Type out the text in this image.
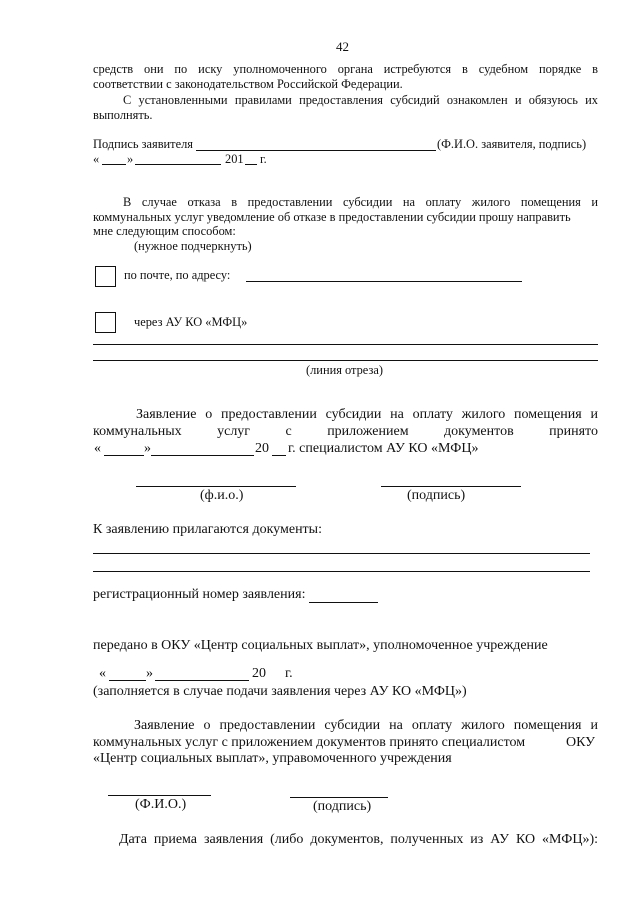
42
средств они по иску уполномоченного органа истребуются в судебном порядке в
соответствии с законодательством Российской Федерации.
С установленными правилами предоставления субсидий ознакомлен и обязуюсь их
выполнять.
Подпись заявителя	(Ф.И.О. заявителя, подпись)
« »	201 г.
В случае отказа в предоставлении субсидии на оплату жилого помещения и
коммунальных услуг уведомление об отказе в предоставлении субсидии прошу направить
мне следующим способом:
(нужное подчеркнуть)
по почте, по адресу:
через АУ КО «МФЦ»
(линия отреза)
Заявление о предоставлении субсидии на оплату жилого помещения и
коммунальных	услуг	с	приложением	документов	принято
«	»	20 г. специалистом АУ КО «МФЦ»
(ф.и.о.)	(подпись)
К заявлению прилагаются документы:
регистрационный номер заявления:
передано в ОКУ «Центр социальных выплат», уполномоченное учреждение
«	»	20 г.
(заполняется в случае подачи заявления через АУ КО «МФЦ»)
Заявление о предоставлении субсидии на оплату жилого помещения и
коммунальных услуг с приложением документов принято специалистом	ОКУ
«Центр социальных выплат», управомоченного учреждения
(Ф.И.О.)	(подпись)
Дата приема заявления (либо документов, полученных из АУ КО «МФЦ»):
